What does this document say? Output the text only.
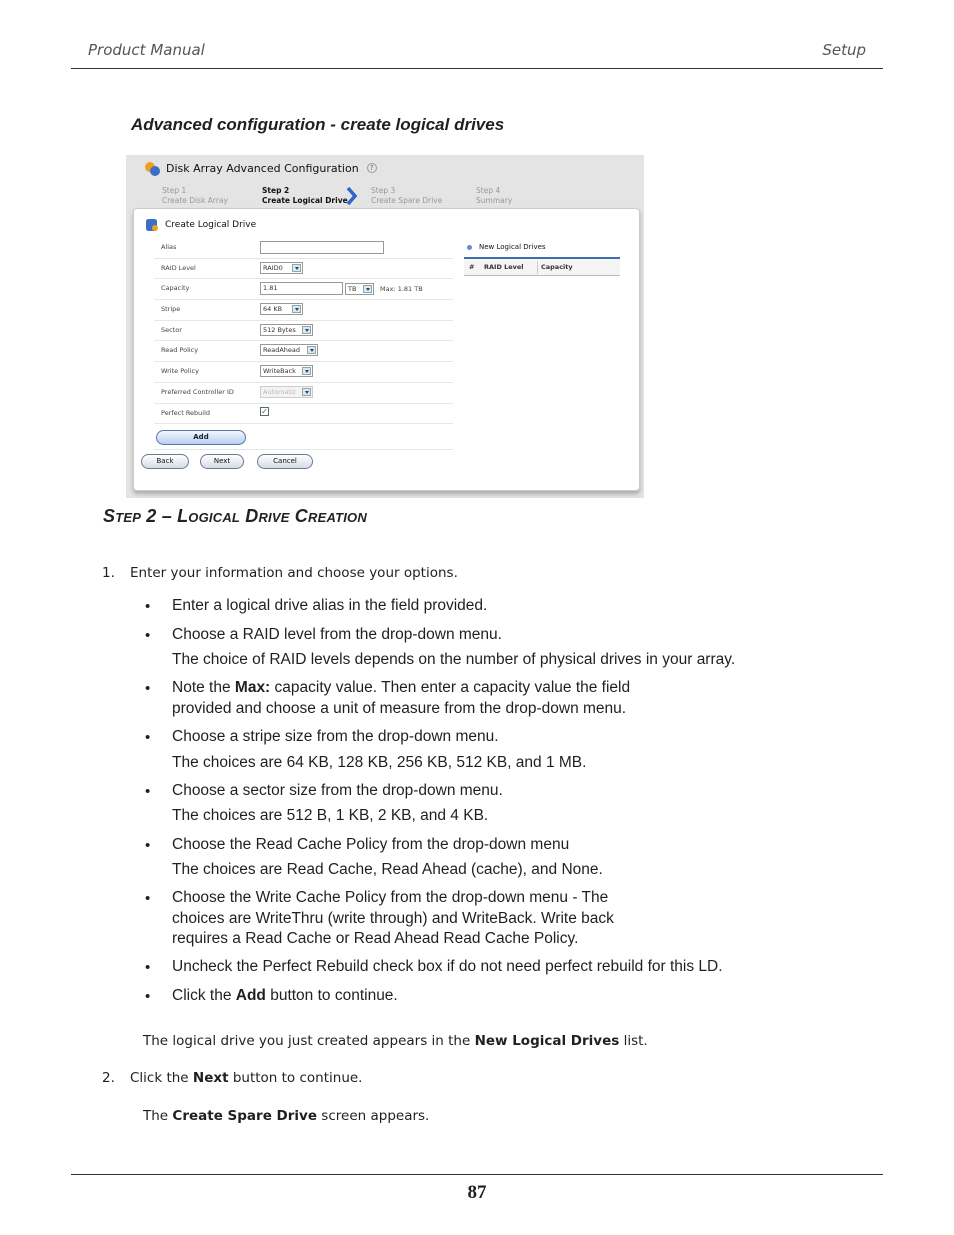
Product Manual	Setup
Advanced configuration - create logical drives
Disk Array Advanced Configuration	?
Step 1
Create Disk Array
Step 2
Create Logical Drive
Step 3
Create Spare Drive
Step 4
Summary
Create Logical Drive
Alias
RAID Level	RAID0
Capacity	1.81	TB	Max: 1.81 TB
Stripe	64 KB
Sector	512 Bytes
Read Policy	ReadAhead
Write Policy	WriteBack
Preferred Controller ID	Automatic
Perfect Rebuild	✓
Add
New Logical Drives
# RAID Level	Capacity
Back	Next	Cancel
Step 2 – Logical Drive Creation
1. Enter your information and choose your options.
• Enter a logical drive alias in the field provided.
• Choose a RAID level from the drop-down menu.
The choice of RAID levels depends on the number of physical drives in your array.
• Note the Max: capacity value. Then enter a capacity value the field
provided and choose a unit of measure from the drop-down menu.
• Choose a stripe size from the drop-down menu.
The choices are 64 KB, 128 KB, 256 KB, 512 KB, and 1 MB.
• Choose a sector size from the drop-down menu.
The choices are 512 B, 1 KB, 2 KB, and 4 KB.
• Choose the Read Cache Policy from the drop-down menu
The choices are Read Cache, Read Ahead (cache), and None.
• Choose the Write Cache Policy from the drop-down menu - The
choices are WriteThru (write through) and WriteBack. Write back
requires a Read Cache or Read Ahead Read Cache Policy.
• Uncheck the Perfect Rebuild check box if do not need perfect rebuild for this LD.
• Click the Add button to continue.
The logical drive you just created appears in the New Logical Drives list.
2. Click the Next button to continue.
The Create Spare Drive screen appears.
87
